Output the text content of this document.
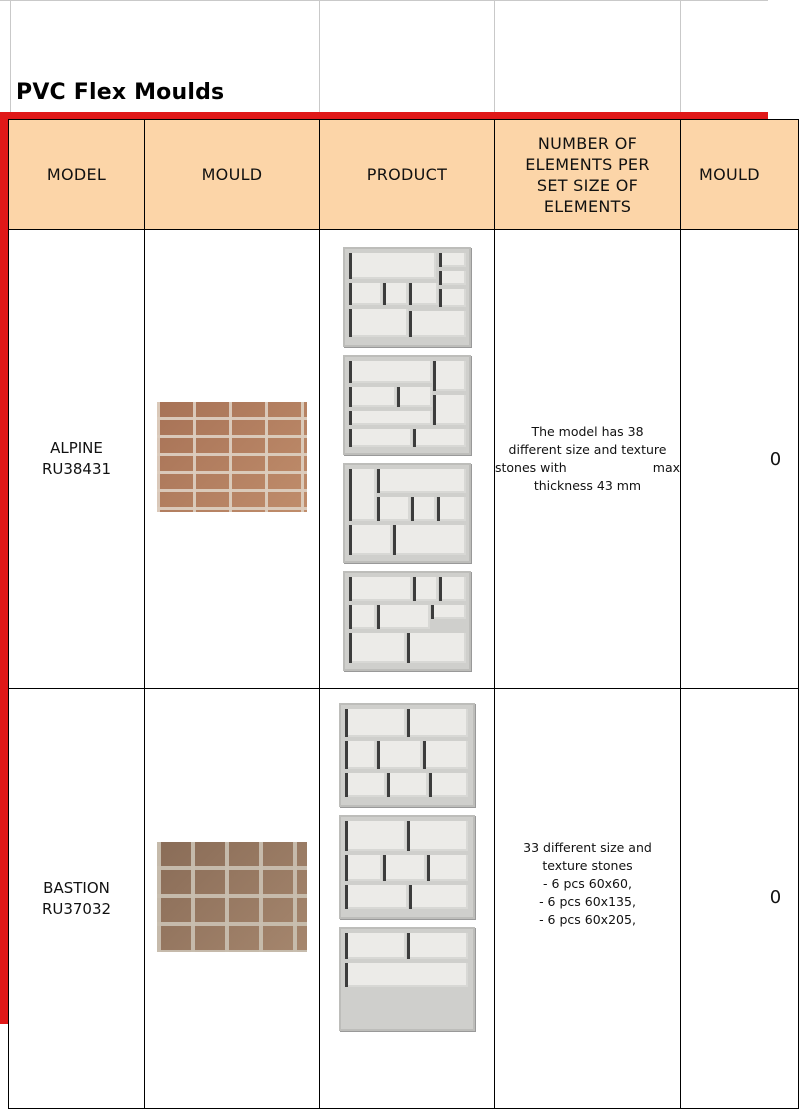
PVC Flex Moulds
MODEL	MOULD	PRODUCT	NUMBER OF
ELEMENTS PER
SET SIZE OF
ELEMENTS	MOULD

ALPINE
RU38431			The model has 38
different size and texture
stones with max
thickness 43 mm	0

BASTION
RU37032			33 different size and
texture stones
- 6 pcs 60x60,
- 6 pcs 60x135,
- 6 pcs 60x205,	0
